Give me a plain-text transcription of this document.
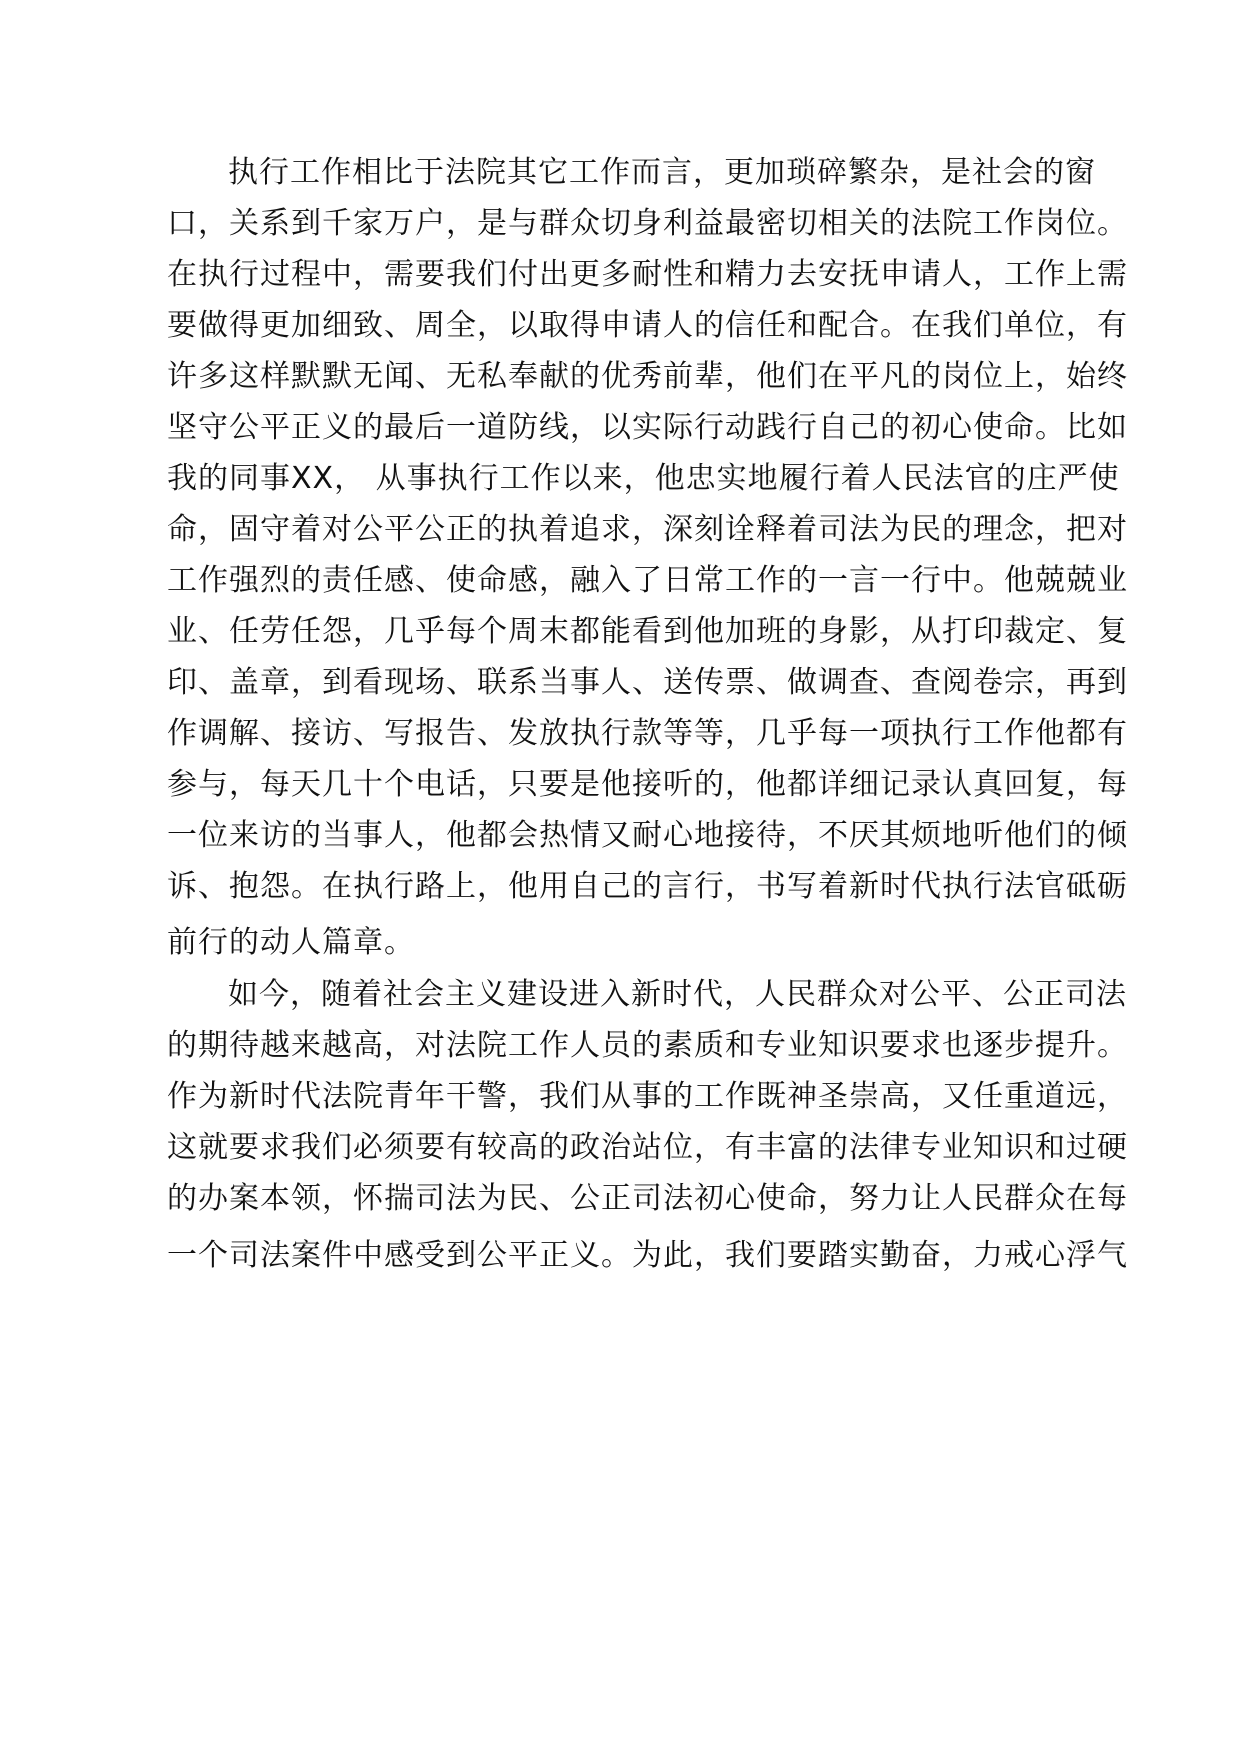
执行工作相比于法院其它工作而言，更加琐碎繁杂，是社会的窗
口，关系到千家万户，是与群众切身利益最密切相关的法院工作岗位。
在执行过程中，需要我们付出更多耐性和精力去安抚申请人，工作上需
要做得更加细致、周全，以取得申请人的信任和配合。在我们单位，有
许多这样默默无闻、无私奉献的优秀前辈，他们在平凡的岗位上，始终
坚守公平正义的最后一道防线，以实际行动践行自己的初心使命。比如
我的同事XX， 从事执行工作以来，他忠实地履行着人民法官的庄严使
命，固守着对公平公正的执着追求，深刻诠释着司法为民的理念，把对
工作强烈的责任感、使命感，融入了日常工作的一言一行中。他兢兢业
业、任劳任怨，几乎每个周末都能看到他加班的身影，从打印裁定、复
印、盖章，到看现场、联系当事人、送传票、做调查、查阅卷宗，再到
作调解、接访、写报告、发放执行款等等，几乎每一项执行工作他都有
参与，每天几十个电话，只要是他接听的，他都详细记录认真回复，每
一位来访的当事人，他都会热情又耐心地接待，不厌其烦地听他们的倾
诉、抱怨。在执行路上，他用自己的言行，书写着新时代执行法官砥砺
前行的动人篇章。
如今，随着社会主义建设进入新时代，人民群众对公平、公正司法
的期待越来越高，对法院工作人员的素质和专业知识要求也逐步提升。
作为新时代法院青年干警，我们从事的工作既神圣崇高，又任重道远，
这就要求我们必须要有较高的政治站位，有丰富的法律专业知识和过硬
的办案本领，怀揣司法为民、公正司法初心使命，努力让人民群众在每
一个司法案件中感受到公平正义。为此，我们要踏实勤奋，力戒心浮气
